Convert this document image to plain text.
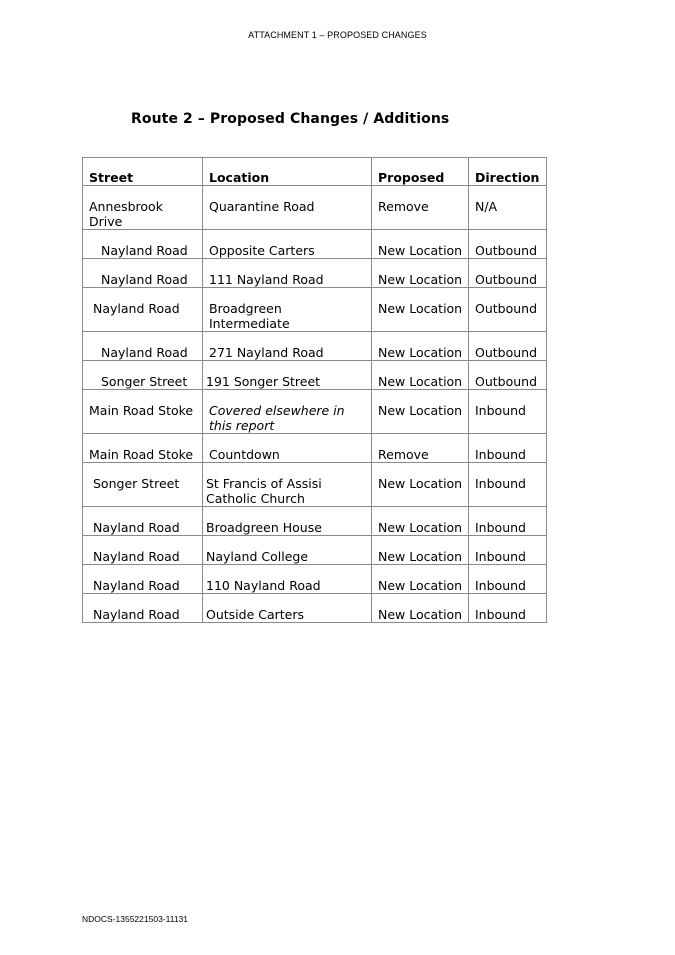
ATTACHMENT 1 – PROPOSED CHANGES
Route 2 – Proposed Changes / Additions
Street	Location	Proposed	Direction
Annesbrook Drive	Quarantine Road	Remove	N/A
Nayland Road	Opposite Carters	New Location	Outbound
Nayland Road	111 Nayland Road	New Location	Outbound
Nayland Road	Broadgreen Intermediate	New Location	Outbound
Nayland Road	271 Nayland Road	New Location	Outbound
Songer Street	191 Songer Street	New Location	Outbound
Main Road Stoke	Covered elsewhere in this report	New Location	Inbound
Main Road Stoke	Countdown	Remove	Inbound
Songer Street	St Francis of Assisi Catholic Church	New Location	Inbound
Nayland Road	Broadgreen House	New Location	Inbound
Nayland Road	Nayland College	New Location	Inbound
Nayland Road	110 Nayland Road	New Location	Inbound
Nayland Road	Outside Carters	New Location	Inbound
NDOCS-1355221503-11131
